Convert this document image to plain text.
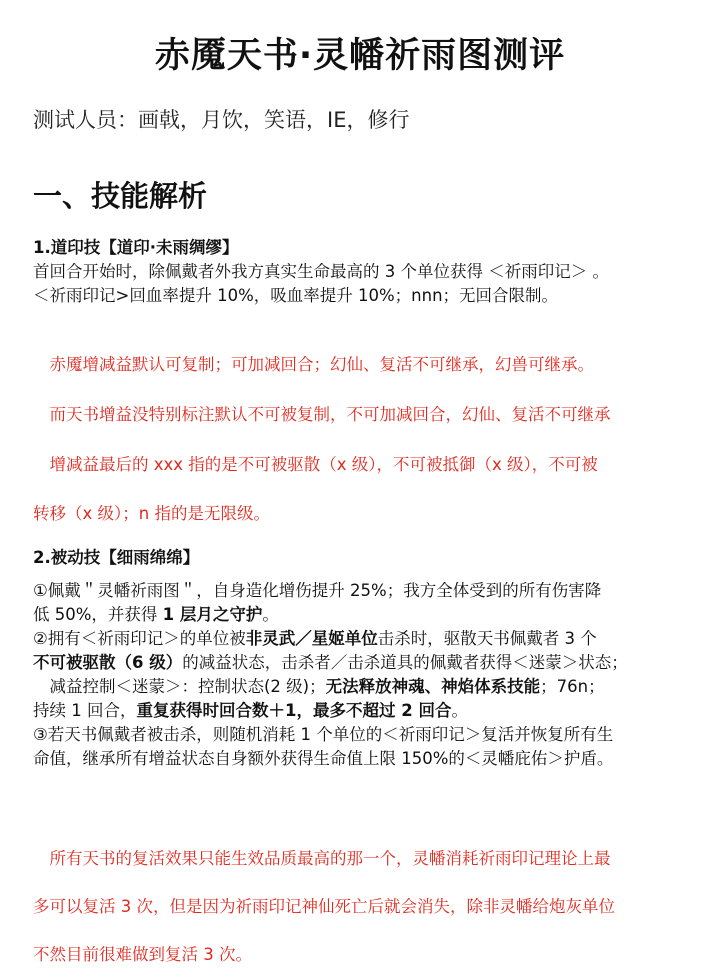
赤魇天书·灵幡祈雨图测评
测试人员：画戟，月饮，笑语，IE，修行
一、技能解析
1.道印技【道印·未雨绸缪】
首回合开始时，除佩戴者外我方真实生命最高的 3 个单位获得 ＜祈雨印记＞ 。
＜祈雨印记>回血率提升 10%，吸血率提升 10%；nnn；无回合限制。
　赤魇增减益默认可复制；可加减回合；幻仙、复活不可继承，幻兽可继承。
　而天书增益没特别标注默认不可被复制，不可加减回合，幻仙、复活不可继承
　增减益最后的 xxx 指的是不可被驱散（x 级），不可被抵御（x 级），不可被
转移（x 级）；n 指的是无限级。
2.被动技【细雨绵绵】
①佩戴＂灵幡祈雨图＂，自身造化增伤提升 25%；我方全体受到的所有伤害降
低 50%，并获得 1 层月之守护。
②拥有＜祈雨印记＞的单位被非灵武／星姬单位击杀时，驱散天书佩戴者 3 个
不可被驱散（6 级）的减益状态，击杀者／击杀道具的佩戴者获得＜迷蒙＞状态；
　减益控制＜迷蒙＞：控制状态(2 级)；无法释放神魂、神焰体系技能；76n；
持续 1 回合，重复获得时回合数＋1，最多不超过 2 回合。
③若天书佩戴者被击杀，则随机消耗 1 个单位的＜祈雨印记＞复活并恢复所有生
命值，继承所有增益状态自身额外获得生命值上限 150%的＜灵幡庇佑＞护盾。
　所有天书的复活效果只能生效品质最高的那一个，灵幡消耗祈雨印记理论上最
多可以复活 3 次，但是因为祈雨印记神仙死亡后就会消失，除非灵幡给炮灰单位
不然目前很难做到复活 3 次。
